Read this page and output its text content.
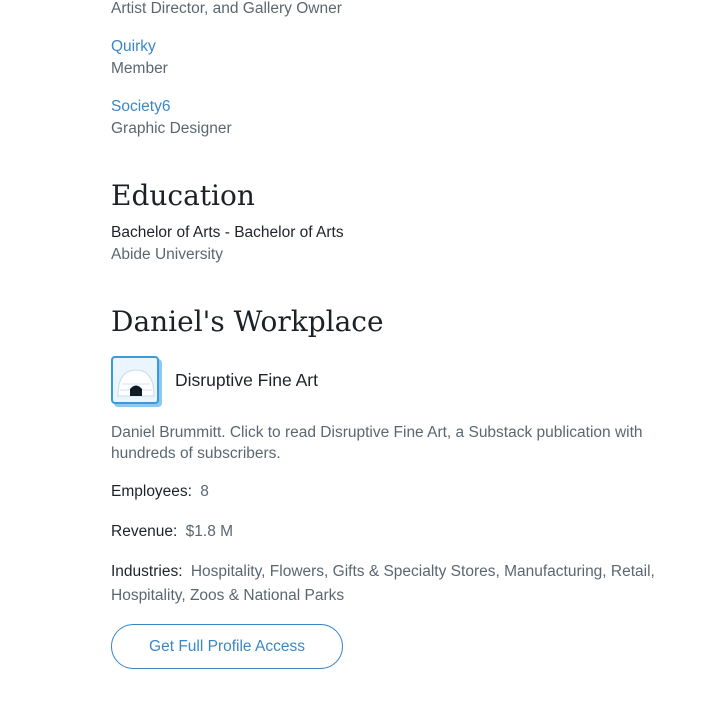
Artist Director, and Gallery Owner
Quirky
Member
Society6
Graphic Designer
Education
Bachelor of Arts - Bachelor of Arts
Abide University
Daniel's Workplace
Disruptive Fine Art
Daniel Brummitt. Click to read Disruptive Fine Art, a Substack publication with hundreds of subscribers.
Employees: 8
Revenue: $1.8 M
Industries: Hospitality, Flowers, Gifts & Specialty Stores, Manufacturing, Retail, Hospitality, Zoos & National Parks
Get Full Profile Access
